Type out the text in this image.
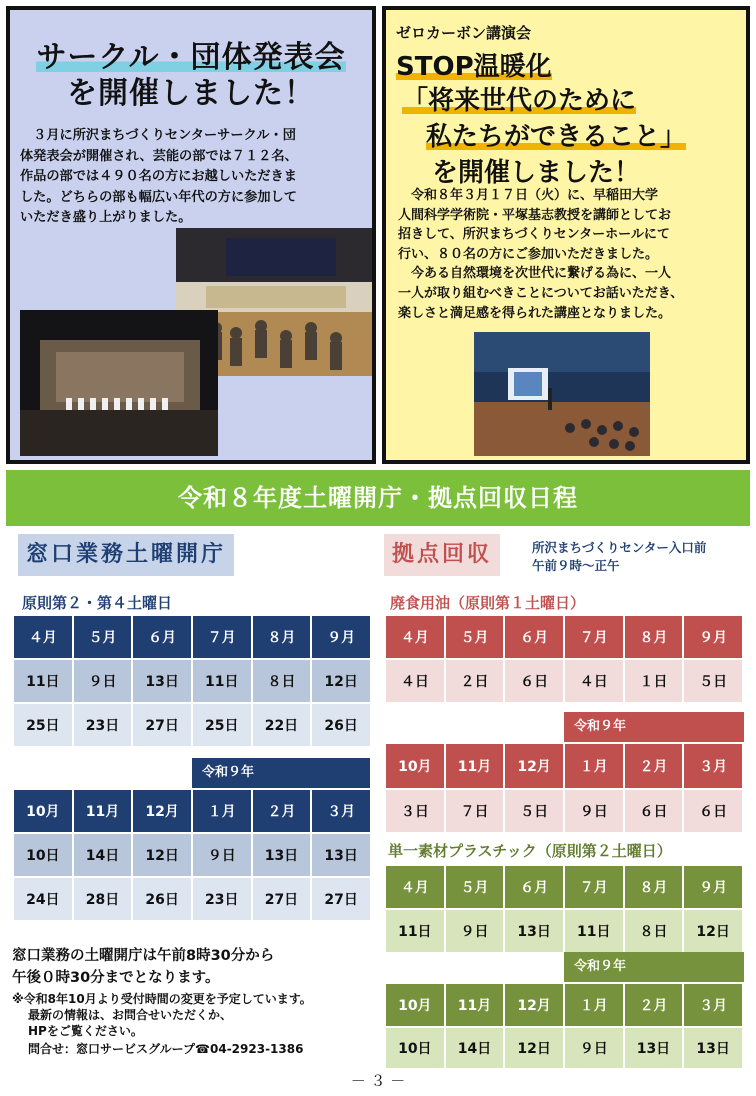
サークル・団体発表会
を開催しました！
　３月に所沢まちづくりセンターサークル・団
体発表会が開催され、芸能の部では７１２名、
作品の部では４９０名の方にお越しいただきま
した。どちらの部も幅広い年代の方に参加して
いただき盛り上がりました。
ゼロカーボン講演会
STOP温暖化
「将来世代のために
私たちができること」
を開催しました！
　令和８年３月１７日（火）に、早稲田大学
人間科学学術院・平塚基志教授を講師としてお
招きして、所沢まちづくりセンターホールにて
行い、８０名の方にご参加いただきました。
　今ある自然環境を次世代に繋げる為に、一人
一人が取り組むべきことについてお話いただき、
楽しさと満足感を得られた講座となりました。
令和８年度土曜開庁・拠点回収日程
窓口業務土曜開庁
原則第２・第４土曜日
４月	５月	６月	７月	８月	９月
11日	９日	13日	11日	８日	12日
25日	23日	27日	25日	22日	26日
令和９年
10月	11月	12月	１月	２月	３月
10日	14日	12日	９日	13日	13日
24日	28日	26日	23日	27日	27日
窓口業務の土曜開庁は午前8時30分から
午後０時30分までとなります。
※令和8年10月より受付時間の変更を予定しています。
最新の情報は、お問合せいただくか、
HPをご覧ください。
問合せ：窓口サービスグループ☎04-2923-1386
拠点回収	所沢まちづくりセンター入口前
午前９時～正午
廃食用油（原則第１土曜日）
４月	５月	６月	７月	８月	９月
４日	２日	６日	４日	１日	５日
令和９年
10月	11月	12月	１月	２月	３月
３日	７日	５日	９日	６日	６日
単一素材プラスチック（原則第２土曜日）
４月	５月	６月	７月	８月	９月
11日	９日	13日	11日	８日	12日
令和９年
10月	11月	12月	１月	２月	３月
10日	14日	12日	９日	13日	13日
－ ３ －
